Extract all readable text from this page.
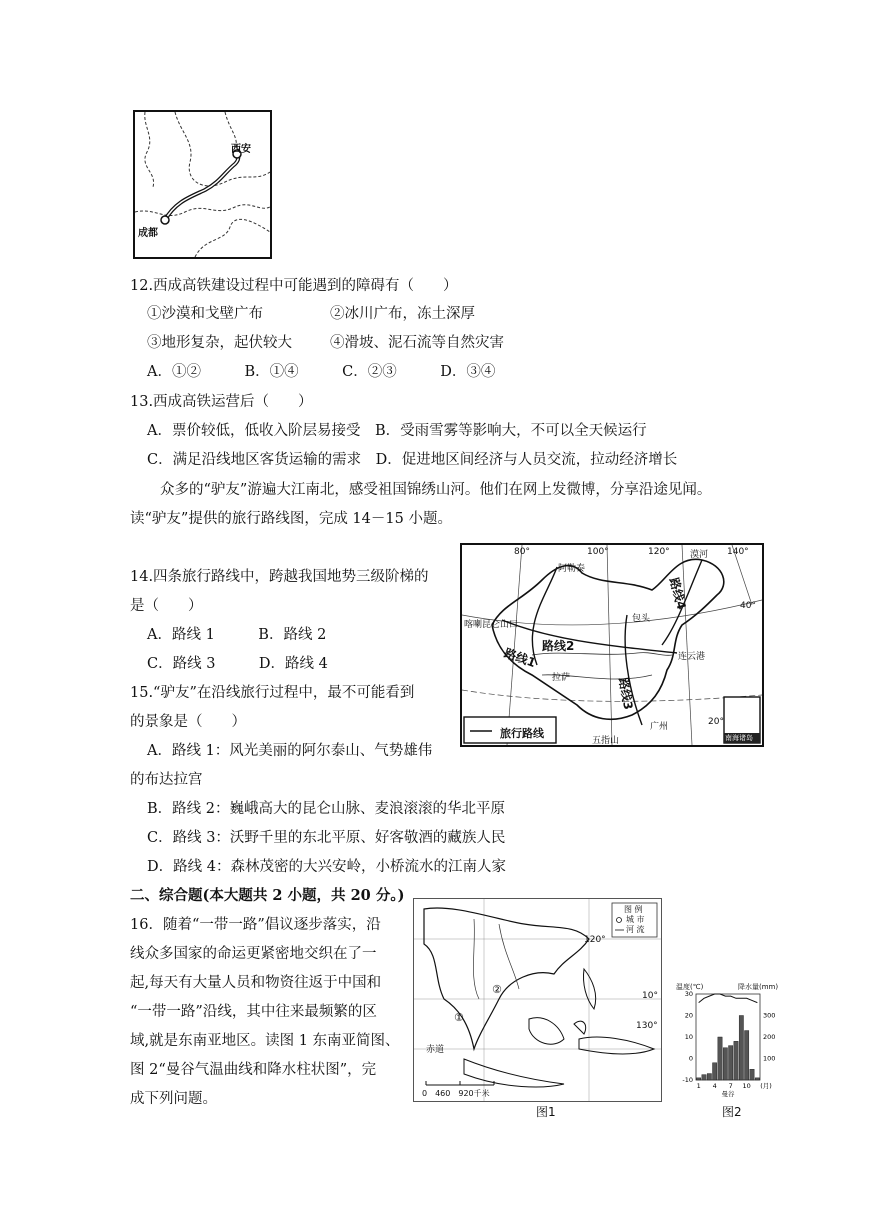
西安
成都
12.西成高铁建设过程中可能遇到的障碍有（　　）
①沙漠和戈壁广布	②冰川广布，冻土深厚
③地形复杂，起伏较大	④滑坡、泥石流等自然灾害
A．①②　　　B．①④　　　C．②③　　　D．③④
13.西成高铁运营后（　　）
A．票价较低，低收入阶层易接受　B．受雨雪雾等影响大，不可以全天候运行
C．满足沿线地区客货运输的需求　D．促进地区间经济与人员交流，拉动经济增长
众多的“驴友”游遍大江南北，感受祖国锦绣山河。他们在网上发微博，分享沿途见闻。
读“驴友”提供的旅行路线图，完成 14－15 小题。
14.四条旅行路线中，跨越我国地势三级阶梯的
是（　　）
A．路线 1　　　B．路线 2
C．路线 3　　　D．路线 4
15.“驴友”在沿线旅行过程中，最不可能看到
的景象是（　　）
A．路线 1：风光美丽的阿尔泰山、气势雄伟
的布达拉宫
B．路线 2：巍峨高大的昆仑山脉、麦浪滚滚的华北平原
C．路线 3：沃野千里的东北平原、好客敬酒的藏族人民
D．路线 4：森林茂密的大兴安岭，小桥流水的江南人家
80°	100°	120°	140°
40°
20°
阿勒泰
喀喇昆仑山口
拉萨
包头
连云港
广州
五指山
漠河
路线1 路线2
路线3
路线4
旅行路线	南海诸岛
二、综合题(本大题共 2 小题，共 20 分。)
16．随着“一带一路”倡议逐步落实，沿
线众多国家的命运更紧密地交织在了一
起,每天有大量人员和物资往返于中国和
“一带一路”沿线，其中往来最频繁的区
域,就是东南亚地区。读图 1 东南亚简图、
图 2“曼谷气温曲线和降水柱状图”，完
成下列问题。
图 例
城 市
河 流
120°
10°
130°
赤道
①
②
0　460　920千米
图1
温度(℃)	降水量(mm)
30
20
10
0
-10
300
200
100
1 4 7 10 (月)
曼谷
图2
